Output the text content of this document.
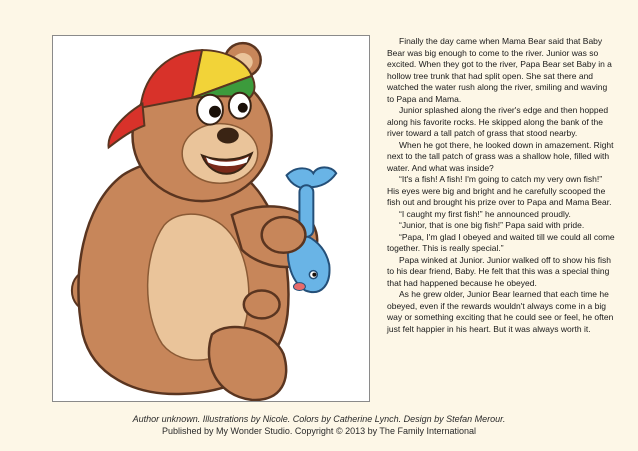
Finally the day came when Mama Bear said that Baby Bear was big enough to come to the river. Junior was so excited. When they got to the river, Papa Bear set Baby in a hollow tree trunk that had split open. She sat there and watched the water rush along the river, smiling and waving to Papa and Mama.

Junior splashed along the river's edge and then hopped along his favorite rocks. He skipped along the bank of the river toward a tall patch of grass that stood nearby.

When he got there, he looked down in amazement. Right next to the tall patch of grass was a shallow hole, filled with water. And what was inside?

“It's a fish! A fish! I'm going to catch my very own fish!” His eyes were big and bright and he carefully scooped the fish out and brought his prize over to Papa and Mama Bear.

“I caught my first fish!” he announced proudly.

“Junior, that is one big fish!” Papa said with pride.

“Papa, I'm glad I obeyed and waited till we could all come together. This is really special.”

Papa winked at Junior. Junior walked off to show his fish to his dear friend, Baby. He felt that this was a special thing that had happened because he obeyed.

As he grew older, Junior Bear learned that each time he obeyed, even if the rewards wouldn't always come in a big way or something exciting that he could see or feel, he often just felt happier in his heart. But it was always worth it.

Author unknown. Illustrations by Nicole. Colors by Catherine Lynch. Design by Stefan Merour.
Published by My Wonder Studio. Copyright © 2013 by The Family International
